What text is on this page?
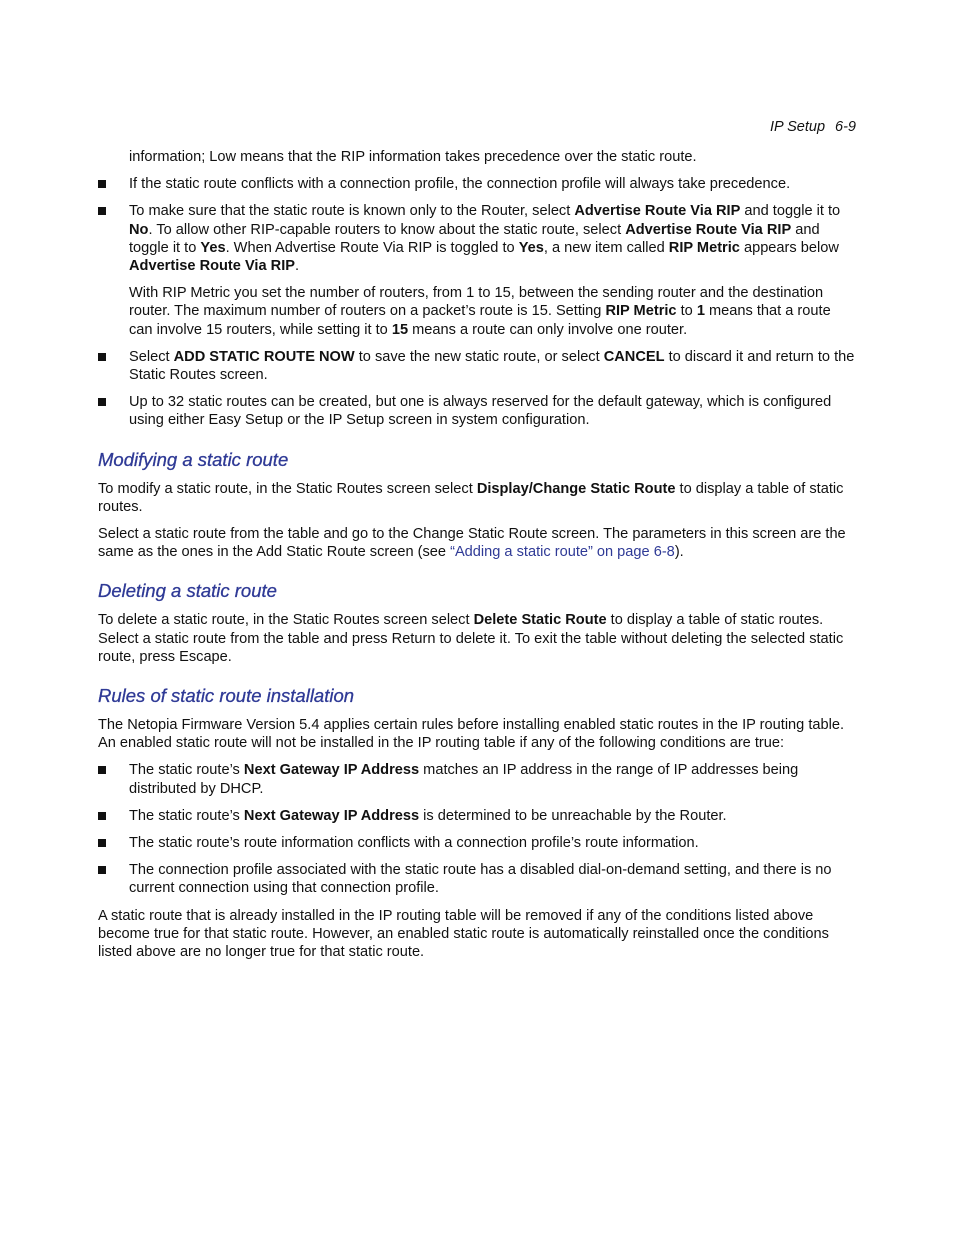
IP Setup 6-9

information; Low means that the RIP information takes precedence over the static route.

If the static route conflicts with a connection profile, the connection profile will always take precedence.
To make sure that the static route is known only to the Router, select Advertise Route Via RIP and toggle it to No. To allow other RIP-capable routers to know about the static route, select Advertise Route Via RIP and toggle it to Yes. When Advertise Route Via RIP is toggled to Yes, a new item called RIP Metric appears below Advertise Route Via RIP.

With RIP Metric you set the number of routers, from 1 to 15, between the sending router and the destination router. The maximum number of routers on a packet’s route is 15. Setting RIP Metric to 1 means that a route can involve 15 routers, while setting it to 15 means a route can only involve one router.

Select ADD STATIC ROUTE NOW to save the new static route, or select CANCEL to discard it and return to the Static Routes screen.
Up to 32 static routes can be created, but one is always reserved for the default gateway, which is configured using either Easy Setup or the IP Setup screen in system configuration.
Modifying a static route

To modify a static route, in the Static Routes screen select Display/Change Static Route to display a table of static routes.

Select a static route from the table and go to the Change Static Route screen. The parameters in this screen are the same as the ones in the Add Static Route screen (see “Adding a static route” on page 6-8).

Deleting a static route

To delete a static route, in the Static Routes screen select Delete Static Route to display a table of static routes. Select a static route from the table and press Return to delete it. To exit the table without deleting the selected static route, press Escape.

Rules of static route installation

The Netopia Firmware Version 5.4 applies certain rules before installing enabled static routes in the IP routing table. An enabled static route will not be installed in the IP routing table if any of the following conditions are true:

The static route’s Next Gateway IP Address matches an IP address in the range of IP addresses being distributed by DHCP.
The static route’s Next Gateway IP Address is determined to be unreachable by the Router.
The static route’s route information conflicts with a connection profile’s route information.
The connection profile associated with the static route has a disabled dial-on-demand setting, and there is no current connection using that connection profile.

A static route that is already installed in the IP routing table will be removed if any of the conditions listed above become true for that static route. However, an enabled static route is automatically reinstalled once the conditions listed above are no longer true for that static route.
